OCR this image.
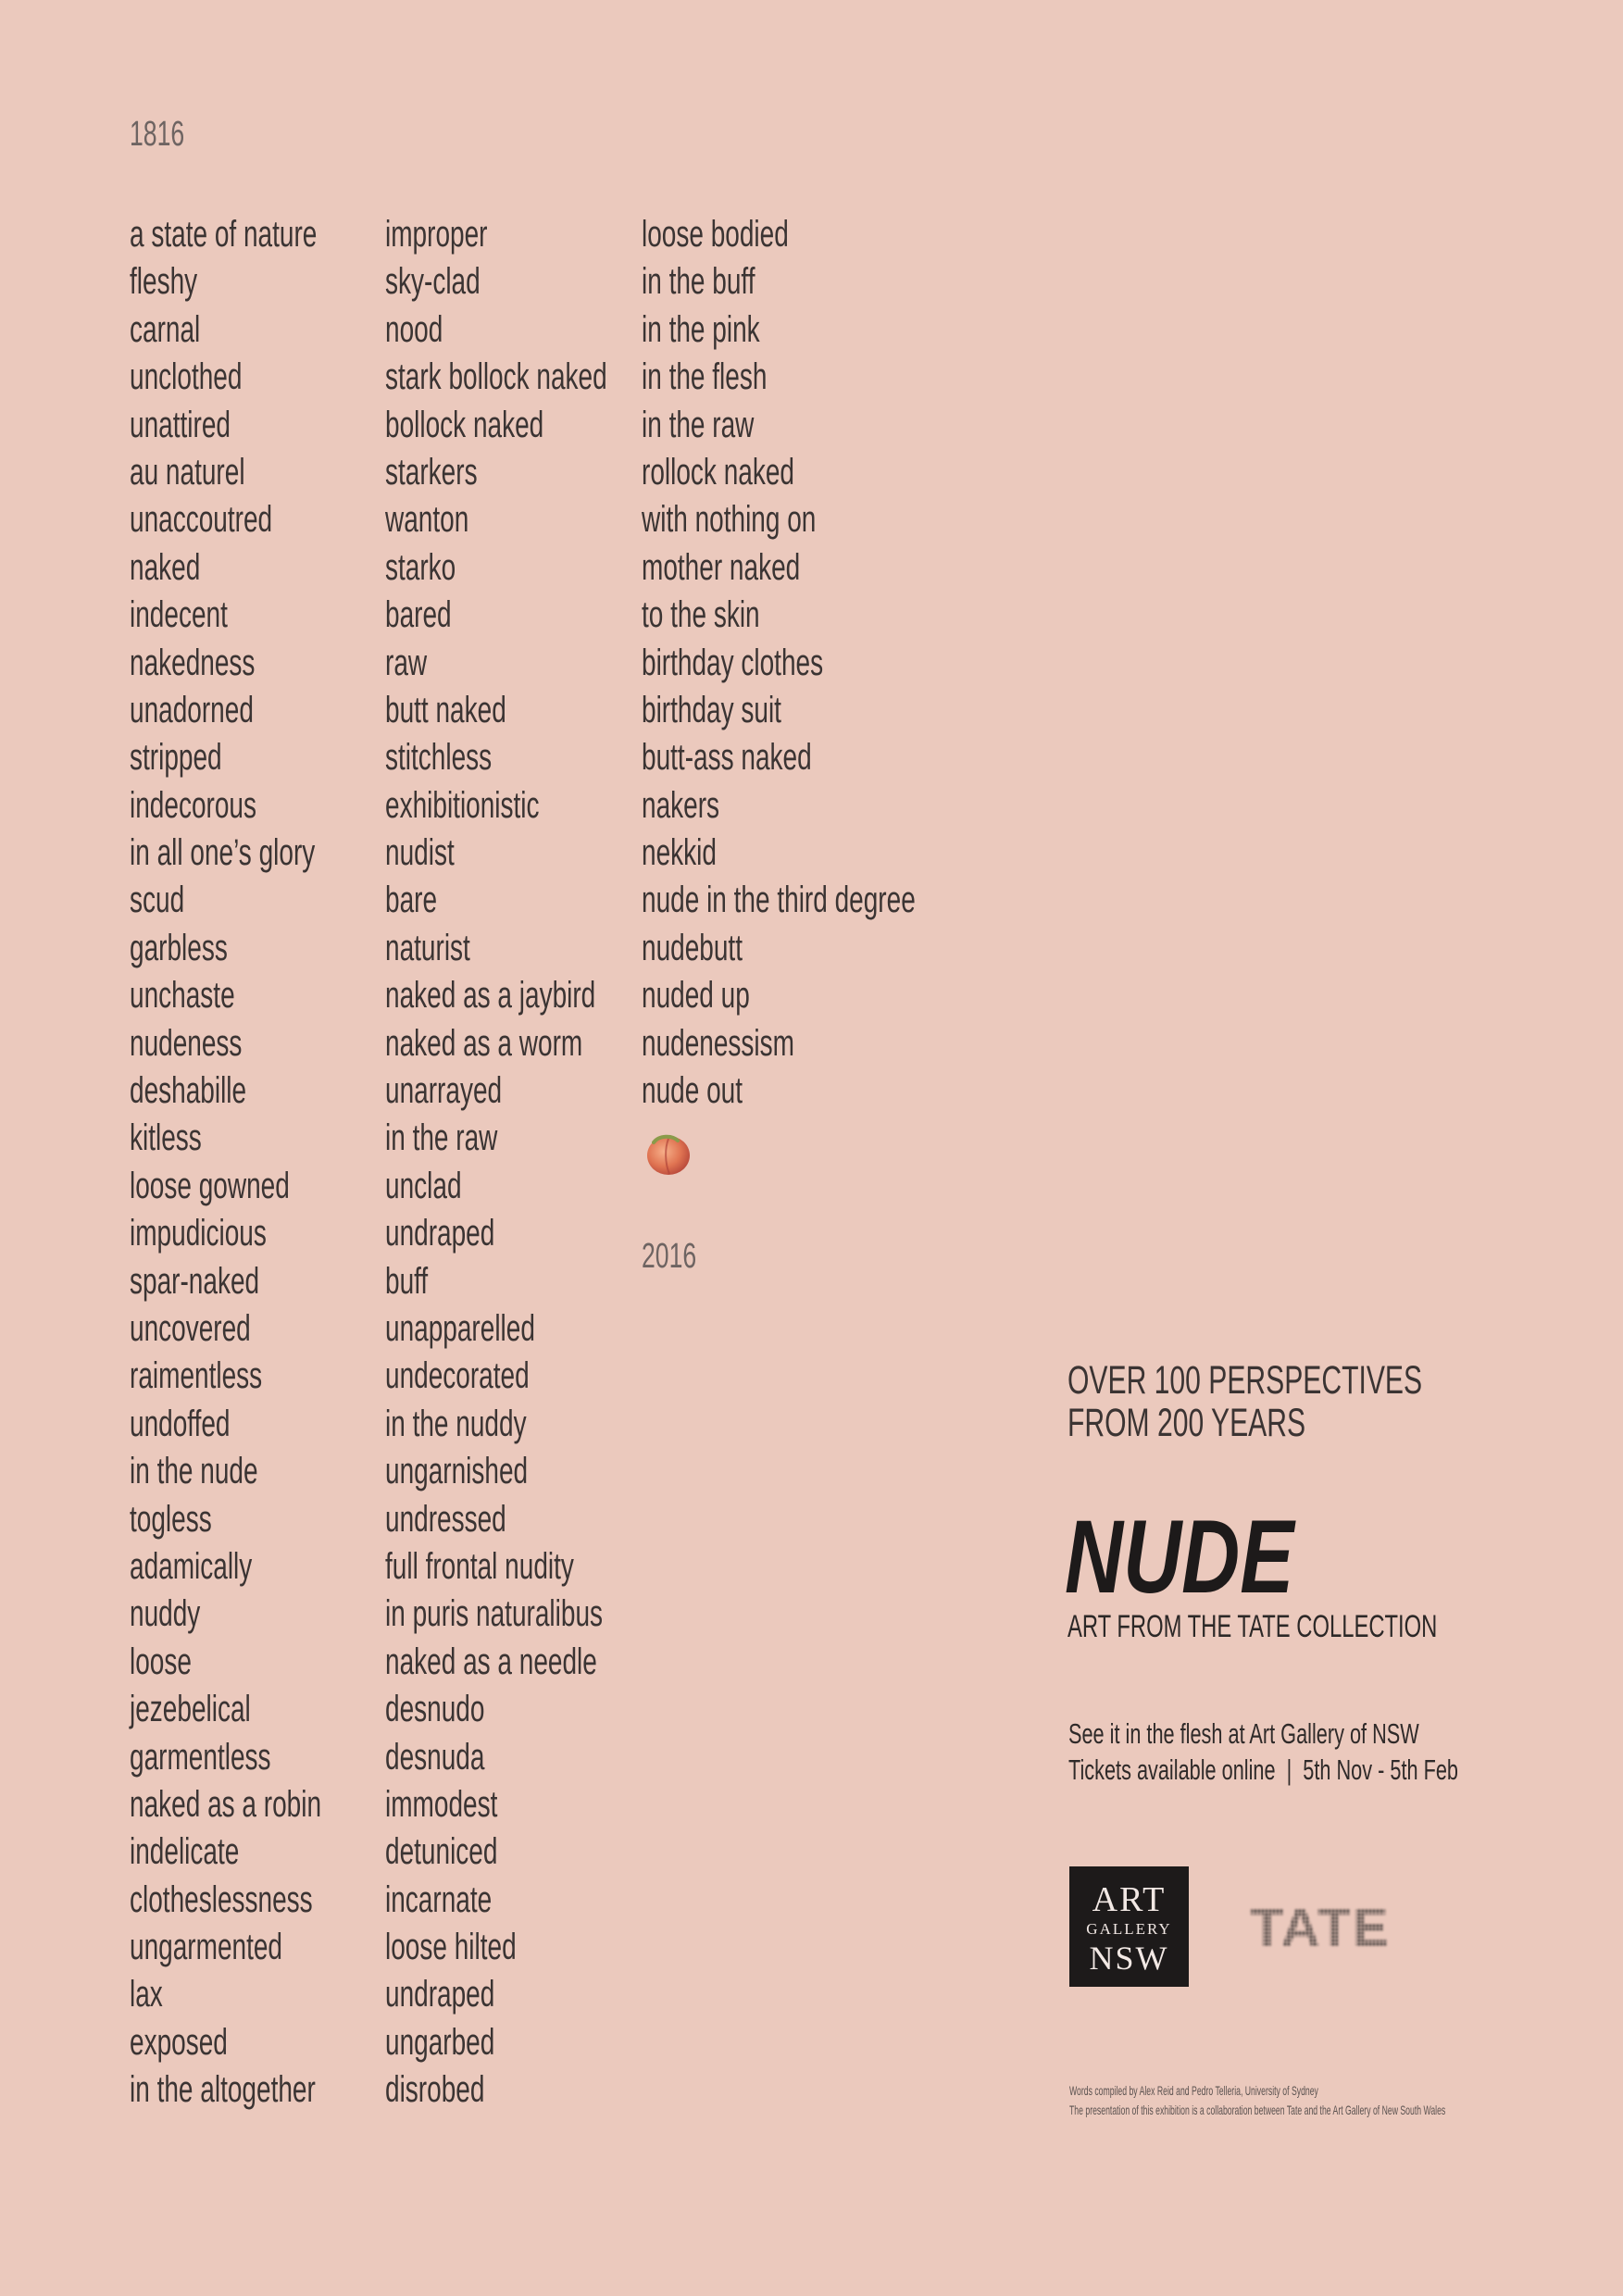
1816
a state of nature
fleshy
carnal
unclothed
unattired
au naturel
unaccoutred
naked
indecent
nakedness
unadorned
stripped
indecorous
in all one’s glory
scud
garbless
unchaste
nudeness
deshabille
kitless
loose gowned
impudicious
spar-naked
uncovered
raimentless
undoffed
in the nude
togless
adamically
nuddy
loose
jezebelical
garmentless
naked as a robin
indelicate
clotheslessness
ungarmented
lax
exposed
in the altogether
improper
sky-clad
nood
stark bollock naked
bollock naked
starkers
wanton
starko
bared
raw
butt naked
stitchless
exhibitionistic
nudist
bare
naturist
naked as a jaybird
naked as a worm
unarrayed
in the raw
unclad
undraped
buff
unapparelled
undecorated
in the nuddy
ungarnished
undressed
full frontal nudity
in puris naturalibus
naked as a needle
desnudo
desnuda
immodest
detuniced
incarnate
loose hilted
undraped
ungarbed
disrobed
loose bodied
in the buff
in the pink
in the flesh
in the raw
rollock naked
with nothing on
mother naked
to the skin
birthday clothes
birthday suit
butt-ass naked
nakers
nekkid
nude in the third degree
nudebutt
nuded up
nudenessism
nude out
2016
OVER 100 PERSPECTIVES
FROM 200 YEARS
NUDE
ART FROM THE TATE COLLECTION
See it in the flesh at Art Gallery of NSW
Tickets available online  |  5th Nov - 5th Feb
ART
GALLERY
NSW	TATE
Words compiled by Alex Reid and Pedro Telleria, University of Sydney
The presentation of this exhibition is a collaboration between Tate and the Art Gallery of New South Wales
